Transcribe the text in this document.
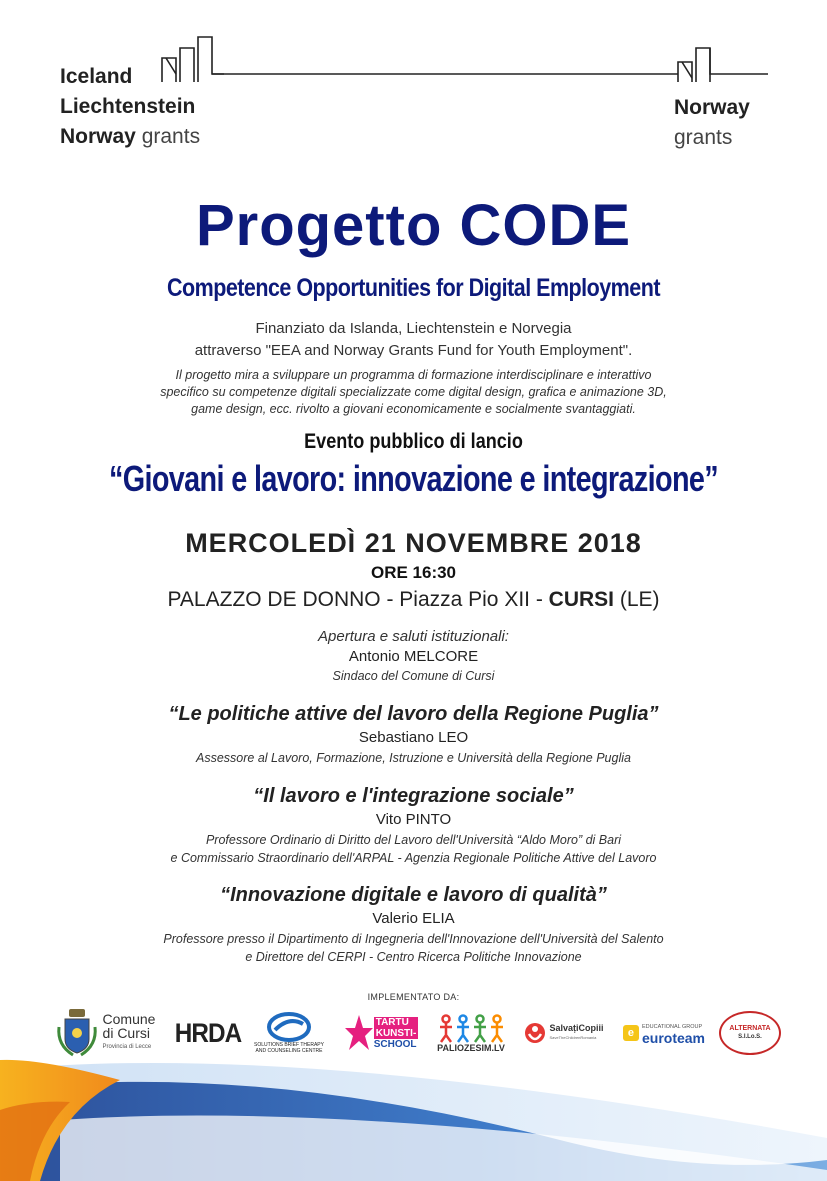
Iceland
Liechtenstein
Norway grants
Norway
grants
Progetto CODE
Competence Opportunities for Digital Employment
Finanziato da Islanda, Liechtenstein e Norvegia
attraverso "EEA and Norway Grants Fund for Youth Employment".
Il progetto mira a sviluppare un programma di formazione interdisciplinare e interattivo
specifico su competenze digitali specializzate come digital design, grafica e animazione 3D,
game design, ecc. rivolto a giovani economicamente e socialmente svantaggiati.
Evento pubblico di lancio
“Giovani e lavoro: innovazione e integrazione”
MERCOLEDÌ 21 NOVEMBRE 2018
ORE 16:30
PALAZZO DE DONNO - Piazza Pio XII - CURSI (LE)
Apertura e saluti istituzionali:
Antonio MELCORE
Sindaco del Comune di Cursi
“Le politiche attive del lavoro della Regione Puglia”
Sebastiano LEO
Assessore al Lavoro, Formazione, Istruzione e Università della Regione Puglia
“Il lavoro e l'integrazione sociale”
Vito PINTO
Professore Ordinario di Diritto del Lavoro dell'Università “Aldo Moro” di Bari
e Commissario Straordinario dell'ARPAL - Agenzia Regionale Politiche Attive del Lavoro
“Innovazione digitale e lavoro di qualità”
Valerio ELIA
Professore presso il Dipartimento di Ingegneria dell'Innovazione dell'Università del Salento
e Direttore del CERPI - Centro Ricerca Politiche Innovazione
IMPLEMENTATO DA:
Comune
di Cursi
Provincia di Lecce HRDA	SOLUTIONS BRIEF THERAPY
AND COUNSELING CENTRE
TARTU
KUNSTI-
SCHOOL PALIOZESIM.LV
SalvațiCopiii
SaveTheChildrenRomania	e	EDUCATIONAL GROUP
euroteam
ALTERNATA
S.I.Lo.S.
